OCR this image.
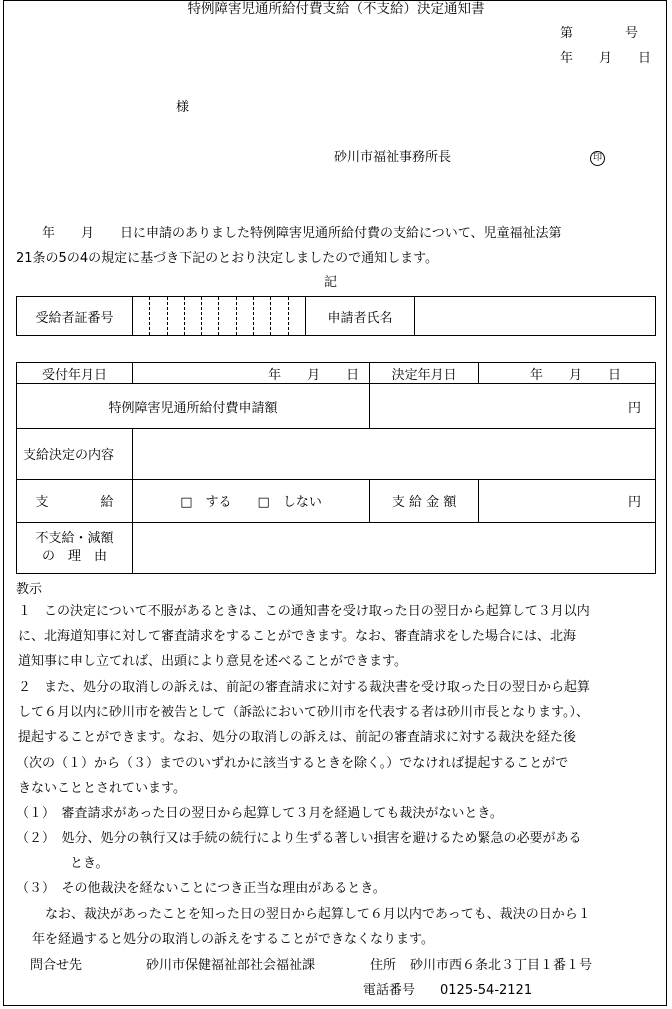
特例障害児通所給付費支給（不支給）決定通知書
第　　　　号
年　　月　　日
様
砂川市福祉事務所長	印
　　年　　月　　日に申請のありました特例障害児通所給付費の支給について、児童福祉法第
21条の5の4の規定に基づき下記のとおり決定しましたので通知します。
記
受給者証番号		申請者氏名	
受付年月日	年　　月　　日	決定年月日	年　　月　　日
特例障害児通所給付費申請額		円	
支給決定の内容			
支　　　　給	□　する　　□　しない	支 給 金 額	円

不支給・減額
の　理　由			

教示
１　この決定について不服があるときは、この通知書を受け取った日の翌日から起算して３月以内
に、北海道知事に対して審査請求をすることができます。なお、審査請求をした場合には、北海
道知事に申し立てれば、出頭により意見を述べることができます。
２　また、処分の取消しの訴えは、前記の審査請求に対する裁決書を受け取った日の翌日から起算
して６月以内に砂川市を被告として（訴訟において砂川市を代表する者は砂川市長となります。）、
提起することができます。なお、処分の取消しの訴えは、前記の審査請求に対する裁決を経た後
（次の（１）から（３）までのいずれかに該当するときを除く。）でなければ提起することがで
きないこととされています。
（１）　審査請求があった日の翌日から起算して３月を経過しても裁決がないとき。
（２）　処分、処分の執行又は手続の続行により生ずる著しい損害を避けるため緊急の必要がある
とき。
（３）　その他裁決を経ないことにつき正当な理由があるとき。
　なお、裁決があったことを知った日の翌日から起算して６月以内であっても、裁決の日から１
年を経過すると処分の取消しの訴えをすることができなくなります。
問合せ先	砂川市保健福祉部社会福祉課	住所 砂川市西６条北３丁目１番１号
電話番号 0125-54-2121
